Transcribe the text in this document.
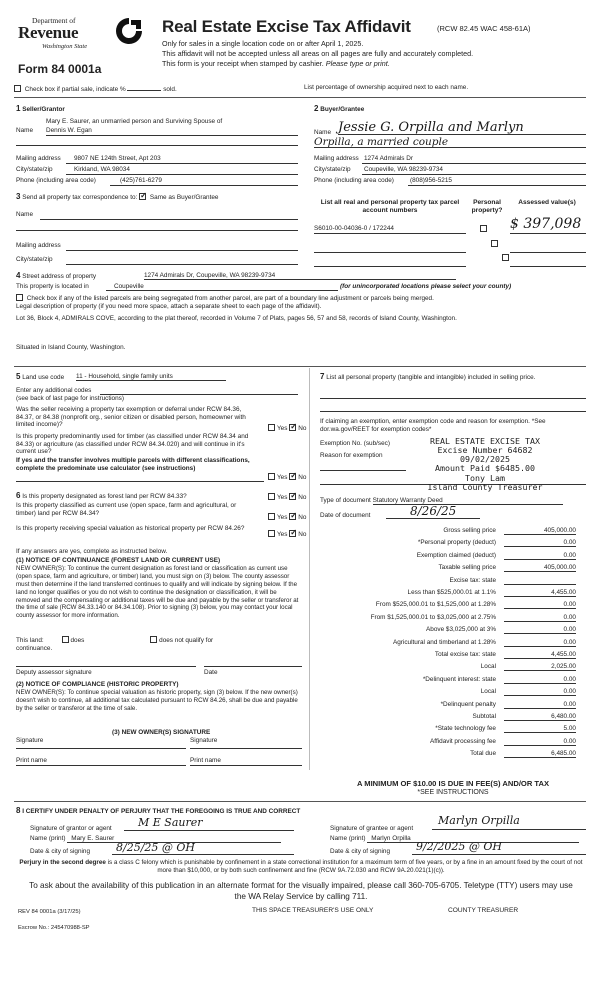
Department of
Revenue
Washington State
Form 84 0001a
Real Estate Excise Tax Affidavit	(RCW 82.45 WAC 458-61A)
Only for sales in a single location code on or after April 1, 2025.
This affidavit will not be accepted unless all areas on all pages are fully and accurately completed.
This form is your receipt when stamped by cashier. Please type or print.
Check box if partial sale, indicate %	sold.	List percentage of ownership acquired next to each name.
1 Seller/Grantor
Mary E. Saurer, an unmarried person and Surviving Spouse of
Name Dennis W. Egan
Mailing address	9807 NE 124th Street, Apt 203
City/state/zip	Kirkland, WA 98034
Phone (including area code)	(425)761-6279
2 Buyer/Grantee
Name Jessie G. Orpilla and Marlyn
Orpilla, a married couple
Mailing address 1274 Admirals Dr
City/state/zip	Coupeville, WA 98239-9734
Phone (including area code)	(808)956-5215
3 Send all property tax correspondence to: ✓ Same as Buyer/Grantee
Name
Mailing address
City/state/zip
List all real and personal property tax parcel account numbers
Personal property?
Assessed value(s)
S6010-00-04036-0 / 172244
	$ 397,098

4 Street address of property	1274 Admirals Dr, Coupeville, WA 98239-9734
This property is located in	Coupeville	(for unincorporated locations please select your county)
Check box if any of the listed parcels are being segregated from another parcel, are part of a boundary line adjustment or parcels being merged.
Legal description of property (if you need more space, attach a separate sheet to each page of the affidavit).
Lot 36, Block 4, ADMIRALS COVE, according to the plat thereof, recorded in Volume 7 of Plats, pages 56, 57 and 58, records of Island County, Washington.
Situated in Island County, Washington.
5 Land use code 11 - Household, single family units
Enter any additional codes
(see back of last page for instructions)
Was the seller receiving a property tax exemption or deferral under RCW 84.36, 84.37, or 84.38 (nonprofit org., senior citizen or disabled person, homeowner with limited income)?
Yes ✓ No
Is this property predominantly used for timber (as classified under RCW 84.34 and 84.33) or agriculture (as classified under RCW 84.34.020) and will continue in it's current use?
If yes and the transfer involves multiple parcels with different classifications, complete the predominate use calculator (see instructions)
Yes ✓ No
6 Is this property designated as forest land per RCW 84.33?	Yes ✓ No
Is this property classified as current use (open space, farm and agricultural, or timber) land per RCW 84.34?
Yes ✓ No
Is this property receiving special valuation as historical property per RCW 84.26?
Yes ✓ No
If any answers are yes, complete as instructed below.
(1) NOTICE OF CONTINUANCE (FOREST LAND OR CURRENT USE)
NEW OWNER(S): To continue the current designation as forest land or classification as current use (open space, farm and agriculture, or timber) land, you must sign on (3) below. The county assessor must then determine if the land transferred continues to qualify and will indicate by signing below. If the land no longer qualifies or you do not wish to continue the designation or classification, it will be removed and the compensating or additional taxes will be due and payable by the seller or transferor at the time of sale (RCW 84.33.140 or 84.34.108). Prior to signing (3) below, you may contact your local county assessor for more information.
This land:	does	does not qualify for
continuance.
Deputy assessor signature	Date
(2) NOTICE OF COMPLIANCE (HISTORIC PROPERTY)
NEW OWNER(S): To continue special valuation as historic property, sign (3) below. If the new owner(s) doesn't wish to continue, all additional tax calculated pursuant to RCW 84.26, shall be due and payable by the seller or transferor at the time of sale.
(3) NEW OWNER(S) SIGNATURE
Signature	Signature
Print name	Print name
7 List all personal property (tangible and intangible) included in selling price.
If claiming an exemption, enter exemption code and reason for exemption. *See dor.wa.gov/REET for exemption codes*
Exemption No. (sub/sec)
Reason for exemption
REAL ESTATE EXCISE TAX
Excise Number 64682
09/02/2025
Amount Paid $6485.00
Tony Lam
Island County Treasurer
Type of document Statutory Warranty Deed
Date of document	8/26/25
Gross selling price	405,000.00
*Personal property (deduct)	0.00
Exemption claimed (deduct)	0.00
Taxable selling price	405,000.00
Excise tax: state
Less than $525,000.01 at 1.1%	4,455.00
From $525,000.01 to $1,525,000 at 1.28%	0.00
From $1,525,000.01 to $3,025,000 at 2.75%	0.00
Above $3,025,000 at 3%	0.00
Agricultural and timberland at 1.28%	0.00
Total excise tax: state	4,455.00
Local	2,025.00
*Delinquent interest: state	0.00
Local	0.00
*Delinquent penalty	0.00
Subtotal	6,480.00
*State technology fee	5.00
Affidavit processing fee	0.00
Total due	6,485.00
A MINIMUM OF $10.00 IS DUE IN FEE(S) AND/OR TAX
*SEE INSTRUCTIONS
8 I CERTIFY UNDER PENALTY OF PERJURY THAT THE FOREGOING IS TRUE AND CORRECT
Signature of grantor or agent	M E Saurer
Name (print) Mary E. Saurer
Date & city of signing	8/25/25 @ OH
Signature of grantee or agent
Marlyn Orpilla
Name (print) Marlyn Orpilla
Date & city of signing	9/2/2025 @ OH
Perjury in the second degree is a class C felony which is punishable by confinement in a state correctional institution for a maximum term of five years, or by a fine in an amount fixed by the court of not more than $10,000, or by both such confinement and fine (RCW 9A.72.030 and RCW 9A.20.021(1)(c)).
To ask about the availability of this publication in an alternate format for the visually impaired, please call 360-705-6705. Teletype (TTY) users may use the WA Relay Service by calling 711.
REV 84 0001a (3/17/25)	THIS SPACE TREASURER'S USE ONLY	COUNTY TREASURER
Escrow No.: 245470988-SP
